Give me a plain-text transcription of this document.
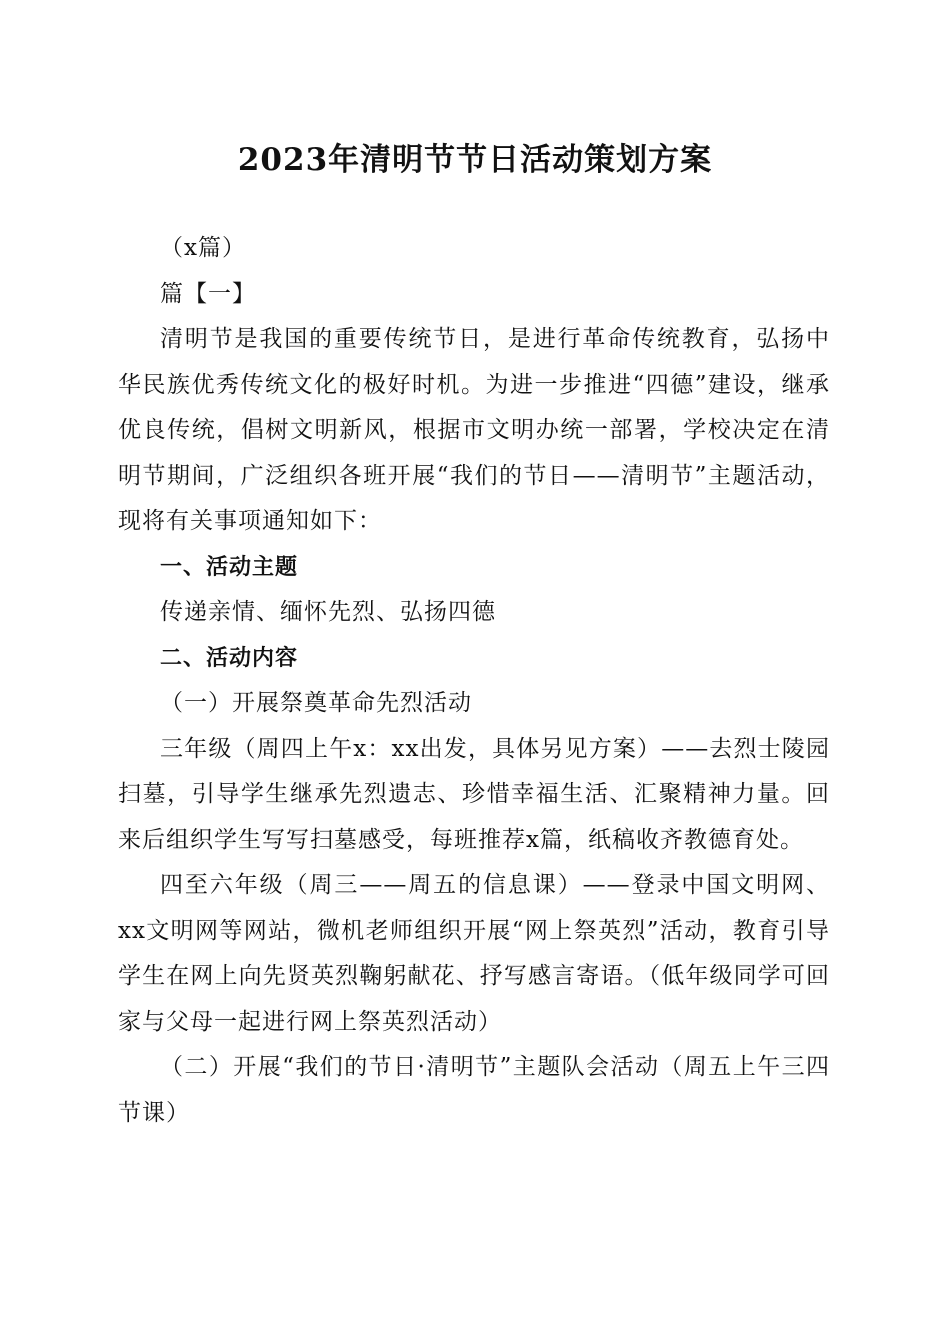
2023年清明节节日活动策划方案

（x篇）

篇【一】

清明节是我国的重要传统节日，是进行革命传统教育，弘扬中华民族优秀传统文化的极好时机。为进一步推进“四德”建设，继承优良传统，倡树文明新风，根据市文明办统一部署，学校决定在清明节期间，广泛组织各班开展“我们的节日——清明节”主题活动，现将有关事项通知如下：

一、活动主题

传递亲情、缅怀先烈、弘扬四德

二、活动内容

（一）开展祭奠革命先烈活动

三年级（周四上午x：xx出发，具体另见方案）——去烈士陵园扫墓，引导学生继承先烈遗志、珍惜幸福生活、汇聚精神力量。回来后组织学生写写扫墓感受，每班推荐x篇，纸稿收齐教德育处。

四至六年级（周三——周五的信息课）——登录中国文明网、xx文明网等网站，微机老师组织开展“网上祭英烈”活动，教育引导学生在网上向先贤英烈鞠躬献花、抒写感言寄语。（低年级同学可回家与父母一起进行网上祭英烈活动）

（二）开展“我们的节日·清明节”主题队会活动（周五上午三四节课）
